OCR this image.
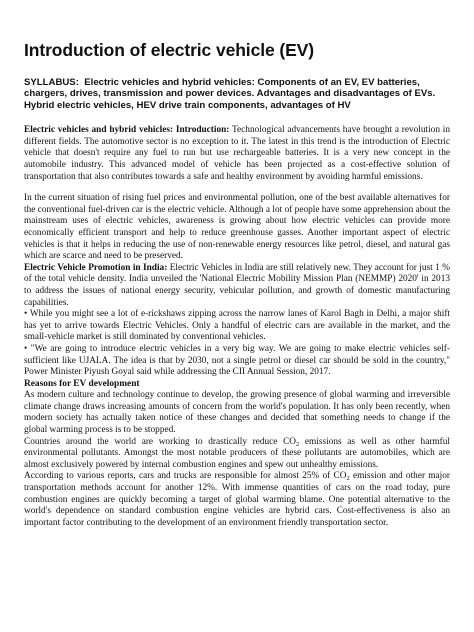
Introduction of electric vehicle (EV)
SYLLABUS: Electric vehicles and hybrid vehicles: Components of an EV, EV batteries, chargers, drives, transmission and power devices. Advantages and disadvantages of EVs. Hybrid electric vehicles, HEV drive train components, advantages of HV

Electric vehicles and hybrid vehicles: Introduction: Technological advancements have brought a revolution in different fields. The automotive sector is no exception to it. The latest in this trend is the introduction of Electric vehicle that doesn't require any fuel to run but use rechargeable batteries. It is a very new concept in the automobile industry. This advanced model of vehicle has been projected as a cost-effective solution of transportation that also contributes towards a safe and healthy environment by avoiding harmful emissions.

In the current situation of rising fuel prices and environmental pollution, one of the best available alternatives for the conventional fuel-driven car is the electric vehicle. Although a lot of people have some apprehension about the mainstream uses of electric vehicles, awareness is growing about how electric vehicles can provide more economically efficient transport and help to reduce greenhouse gasses. Another important aspect of electric vehicles is that it helps in reducing the use of non-renewable energy resources like petrol, diesel, and natural gas which are scarce and need to be preserved.

Electric Vehicle Promotion in India: Electric Vehicles in India are still relatively new. They account for just 1 % of the total vehicle density. India unveiled the 'National Electric Mobility Mission Plan (NEMMP) 2020' in 2013 to address the issues of national energy security, vehicular pollution, and growth of domestic manufacturing capabilities.

• While you might see a lot of e-rickshaws zipping across the narrow lanes of Karol Bagh in Delhi, a major shift has yet to arrive towards Electric Vehicles. Only a handful of electric cars are available in the market, and the small-vehicle market is still dominated by conventional vehicles.

• "We are going to introduce electric vehicles in a very big way. We are going to make electric vehicles self-sufficient like UJALA. The idea is that by 2030, not a single petrol or diesel car should be sold in the country," Power Minister Piyush Goyal said while addressing the CII Annual Session, 2017.

Reasons for EV development

As modern culture and technology continue to develop, the growing presence of global warming and irreversible climate change draws increasing amounts of concern from the world's population. It has only been recently, when modern society has actually taken notice of these changes and decided that something needs to change if the global warming process is to be stopped.

Countries around the world are working to drastically reduce $CO_2$ emissions as well as other harmful environmental pollutants. Amongst the most notable producers of these pollutants are automobiles, which are almost exclusively powered by internal combustion engines and spew out unhealthy emissions.

According to various reports, cars and trucks are responsible for almost 25% of $CO_2$ emission and other major transportation methods account for another 12%. With immense quantities of cars on the road today, pure combustion engines are quickly becoming a target of global warming blame. One potential alternative to the world's dependence on standard combustion engine vehicles are hybrid cars. Cost-effectiveness is also an important factor contributing to the development of an environment friendly transportation sector.
